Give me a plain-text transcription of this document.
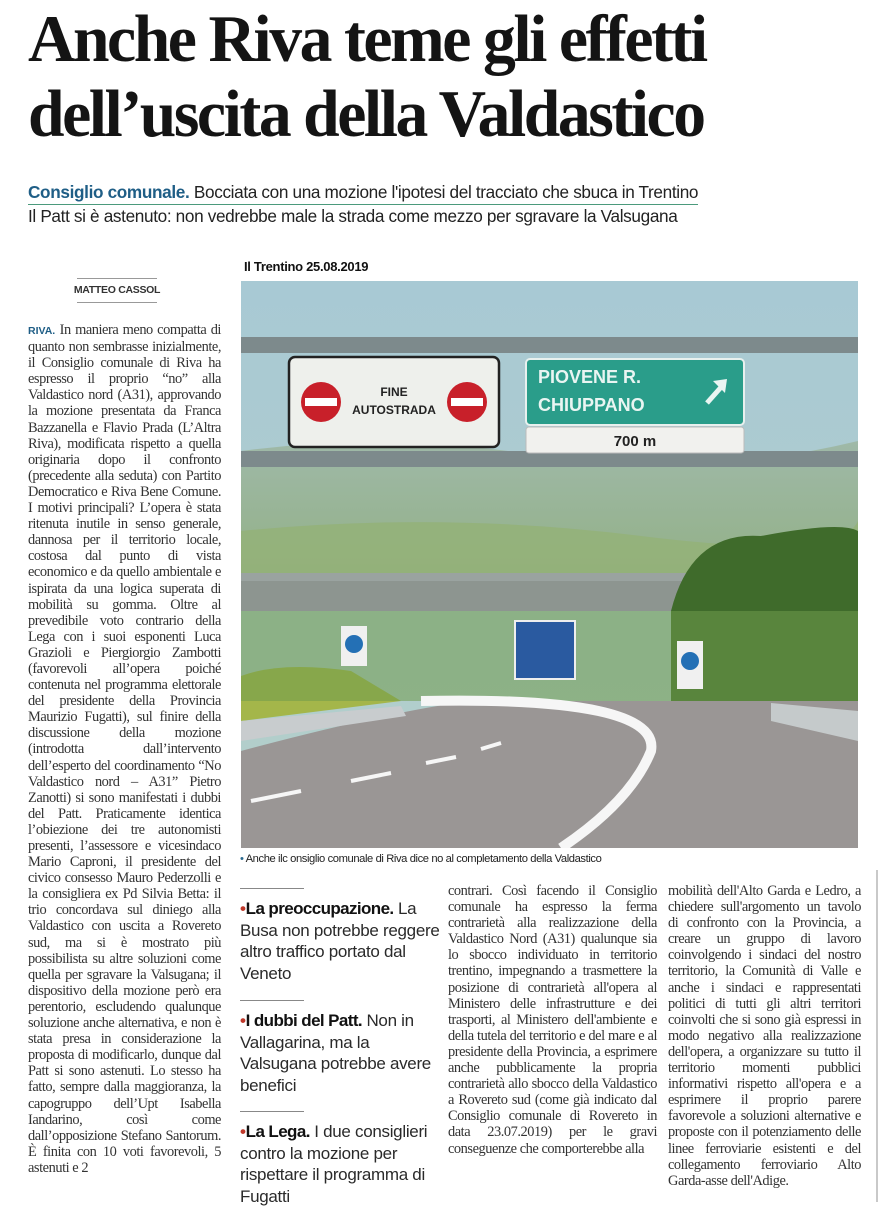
Anche Riva teme gli effetti
dell’uscita della Valdastico
Consiglio comunale. Bocciata con una mozione l'ipotesi del tracciato che sbuca in Trentino
Il Patt si è astenuto: non vedrebbe male la strada come mezzo per sgravare la Valsugana
Il Trentino 25.08.2019
MATTEO CASSOL
RIVA. In maniera meno compatta di quanto non sembrasse inizialmente, il Consiglio comunale di Riva ha espresso il proprio “no” alla Valdastico nord (A31), approvando la mozione presentata da Franca Bazzanella e Flavio Prada (L’Altra Riva), modificata rispetto a quella originaria dopo il confronto (precedente alla seduta) con Partito Democratico e Riva Bene Comune. I motivi principali? L’opera è stata ritenuta inutile in senso generale, dannosa per il territorio locale, costosa dal punto di vista economico e da quello ambientale e ispirata da una logica superata di mobilità su gomma. Oltre al prevedibile voto contrario della Lega con i suoi esponenti Luca Grazioli e Piergiorgio Zambotti (favorevoli all’opera poiché contenuta nel programma elettorale del presidente della Provincia Maurizio Fugatti), sul finire della discussione della mozione (introdotta dall’intervento dell’esperto del coordinamento “No Valdastico nord – A31” Pietro Zanotti) si sono manifestati i dubbi del Patt. Praticamente identica l’obiezione dei tre autonomisti presenti, l’assessore e vicesindaco Mario Caproni, il presidente del civico consesso Mauro Pederzolli e la consigliera ex Pd Silvia Betta: il trio concordava sul diniego alla Valdastico con uscita a Rovereto sud, ma si è mostrato più possibilista su altre soluzioni come quella per sgravare la Valsugana; il dispositivo della mozione però era perentorio, escludendo qualunque soluzione anche alternativa, e non è stata presa in considerazione la proposta di modificarlo, dunque dal Patt si sono astenuti. Lo stesso ha fatto, sempre dalla maggioranza, la capogruppo dell’Upt Isabella Iandarino, così come dall’opposizione Stefano Santorum. È finita con 10 voti favorevoli, 5 astenuti e 2
FINE
AUTOSTRADA
PIOVENE R.
CHIUPPANO
700 m
• Anche ilc onsiglio comunale di Riva dice no al completamento della Valdastico
•La preoccupazione. La Busa non potrebbe reggere altro traffico portato dal Veneto
•I dubbi del Patt. Non in Vallagarina, ma la Valsugana potrebbe avere benefici
•La Lega. I due consiglieri contro la mozione per rispettare il programma di Fugatti
contrari. Così facendo il Consiglio comunale ha espresso la ferma contrarietà alla realizzazione della Valdastico Nord (A31) qualunque sia lo sbocco individuato in territorio trentino, impegnando a trasmettere la posizione di contrarietà all'opera al Ministero delle infrastrutture e dei trasporti, al Ministero dell'ambiente e della tutela del territorio e del mare e al presidente della Provincia, a esprimere anche pubblicamente la propria contrarietà allo sbocco della Valdastico a Rovereto sud (come già indicato dal Consiglio comunale di Rovereto in data 23.07.2019) per le gravi conseguenze che comporterebbe alla
mobilità dell'Alto Garda e Ledro, a chiedere sull'argomento un tavolo di confronto con la Provincia, a creare un gruppo di lavoro coinvolgendo i sindaci del nostro territorio, la Comunità di Valle e anche i sindaci e rappresentati politici di tutti gli altri territori coinvolti che si sono già espressi in modo negativo alla realizzazione dell'opera, a organizzare su tutto il territorio momenti pubblici informativi rispetto all'opera e a esprimere il proprio parere favorevole a soluzioni alternative e proposte con il potenziamento delle linee ferroviarie esistenti e del collegamento ferroviario Alto Garda-asse dell'Adige.
